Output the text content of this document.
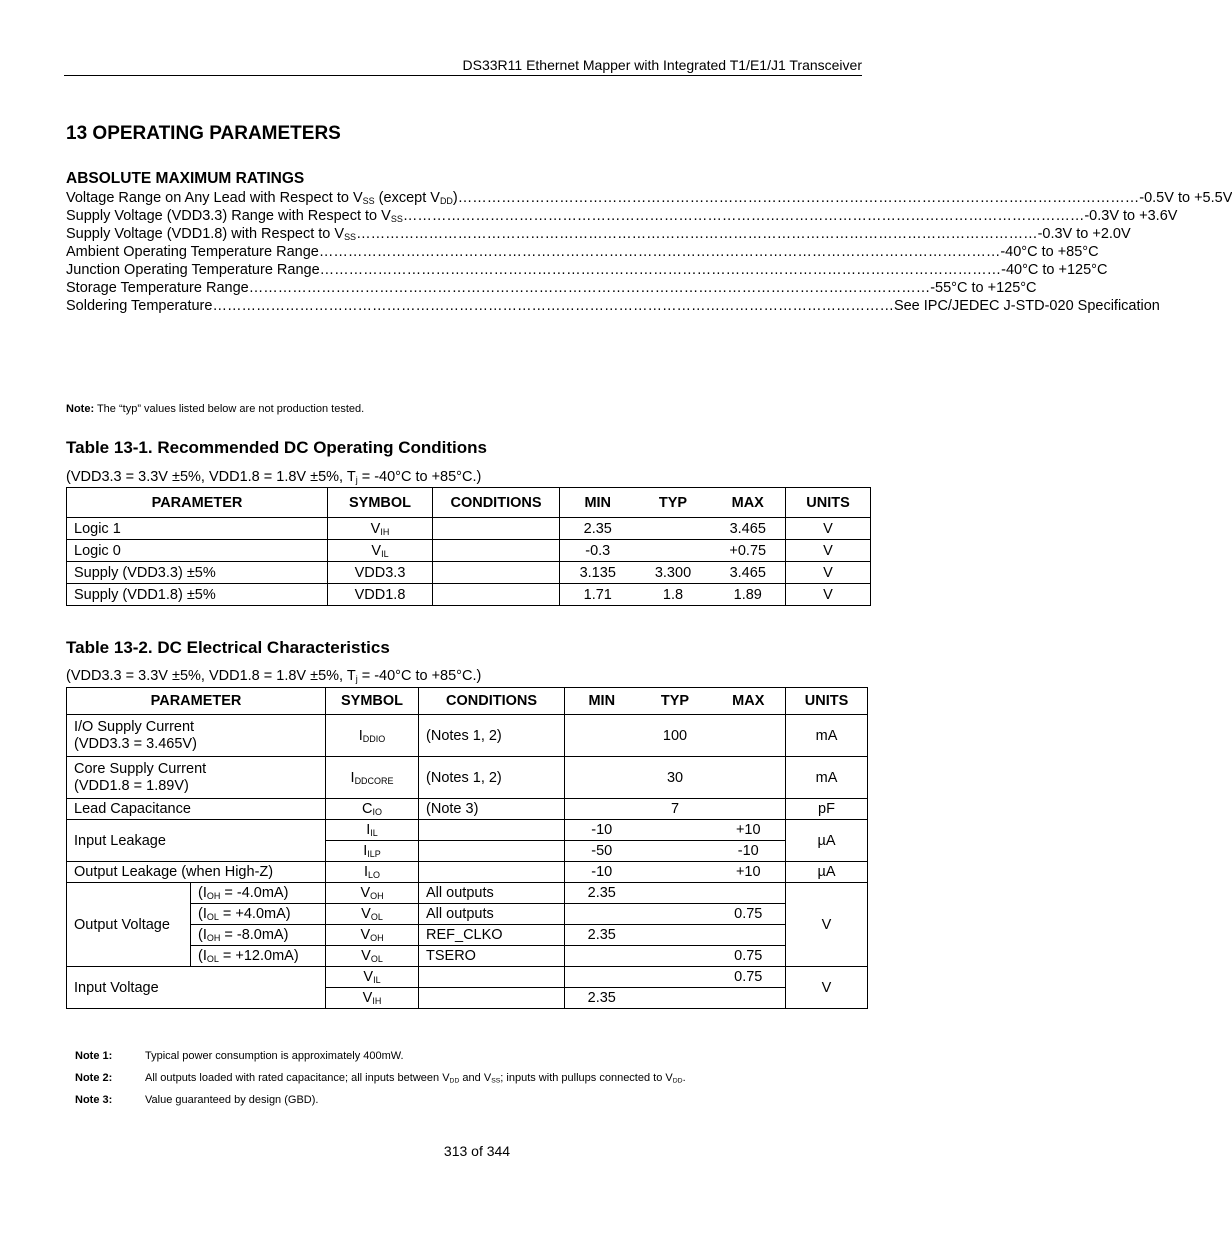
DS33R11 Ethernet Mapper with Integrated T1/E1/J1 Transceiver
13 OPERATING PARAMETERS
ABSOLUTE MAXIMUM RATINGS
Voltage Range on Any Lead with Respect to $V_{SS}$ (except $V_{DD}$) …………………………………………………………………………………………………………………………… -0.5V to +5.5V
Supply Voltage (VDD3.3) Range with Respect to $V_{SS}$ …………………………………………………………………………………………………………………………… -0.3V to +3.6V
Supply Voltage (VDD1.8) with Respect to $V_{SS}$ …………………………………………………………………………………………………………………………… -0.3V to +2.0V
Ambient Operating Temperature Range …………………………………………………………………………………………………………………………… -40°C to +85°C
Junction Operating Temperature Range …………………………………………………………………………………………………………………………… -40°C to +125°C
Storage Temperature Range …………………………………………………………………………………………………………………………… -55°C to +125°C
Soldering Temperature …………………………………………………………………………………………………………………………… See IPC/JEDEC J-STD-020 Specification
Note: The “typ” values listed below are not production tested.
Table 13-1. Recommended DC Operating Conditions
(VDD3.3 = 3.3V ±5%, VDD1.8 = 1.8V ±5%, $T_j = -40^\circ C$ to +85°C.)
PARAMETER	SYMBOL	CONDITIONS	MIN	TYP	MAX	UNITS
Logic 1	$V_{IH}$		2.35		3.465	V
Logic 0	$V_{IL}$		-0.3		+0.75	V
Supply (VDD3.3) ±5%	VDD3.3		3.135	3.300	3.465	V
Supply (VDD1.8) ±5%	VDD1.8		1.71	1.8	1.89	V
Table 13-2. DC Electrical Characteristics
(VDD3.3 = 3.3V ±5%, VDD1.8 = 1.8V ±5%, $T_j = -40^\circ C$ to +85°C.)
PARAMETER		SYMBOL	CONDITIONS	MIN	TYP	MAX	UNITS
I/O Supply Current
(VDD3.3 = 3.465V)		$I_{DDIO}$	(Notes 1, 2)		100		mA
Core Supply Current
(VDD1.8 = 1.89V)		$I_{DDCORE}$	(Notes 1, 2)		30		mA
Lead Capacitance		$C_{IO}$	(Note 3)		7		pF
Input Leakage		$I_{IL}$		-10		+10	µA
		$I_{ILP}$		-50		-10	
Output Leakage (when High-Z)		$I_{LO}$		-10		+10	µA
Output Voltage	$(I_{OH} = -4.0mA)$	$V_{OH}$	All outputs	2.35			V
	$(I_{OL} = +4.0mA)$	$V_{OL}$	All outputs			0.75	
	$(I_{OH} = -8.0mA)$	$V_{OH}$	REF_CLKO	2.35			
	$(I_{OL} = +12.0mA)$	$V_{OL}$	TSERO			0.75	
Input Voltage		$V_{IL}$				0.75	V
		$V_{IH}$		2.35			
Note 1:	Typical power consumption is approximately 400mW.
Note 2:	All outputs loaded with rated capacitance; all inputs between $V_{DD}$ and $V_{SS}$; inputs with pullups connected to $V_{DD}$.
Note 3:	Value guaranteed by design (GBD).
313 of 344
